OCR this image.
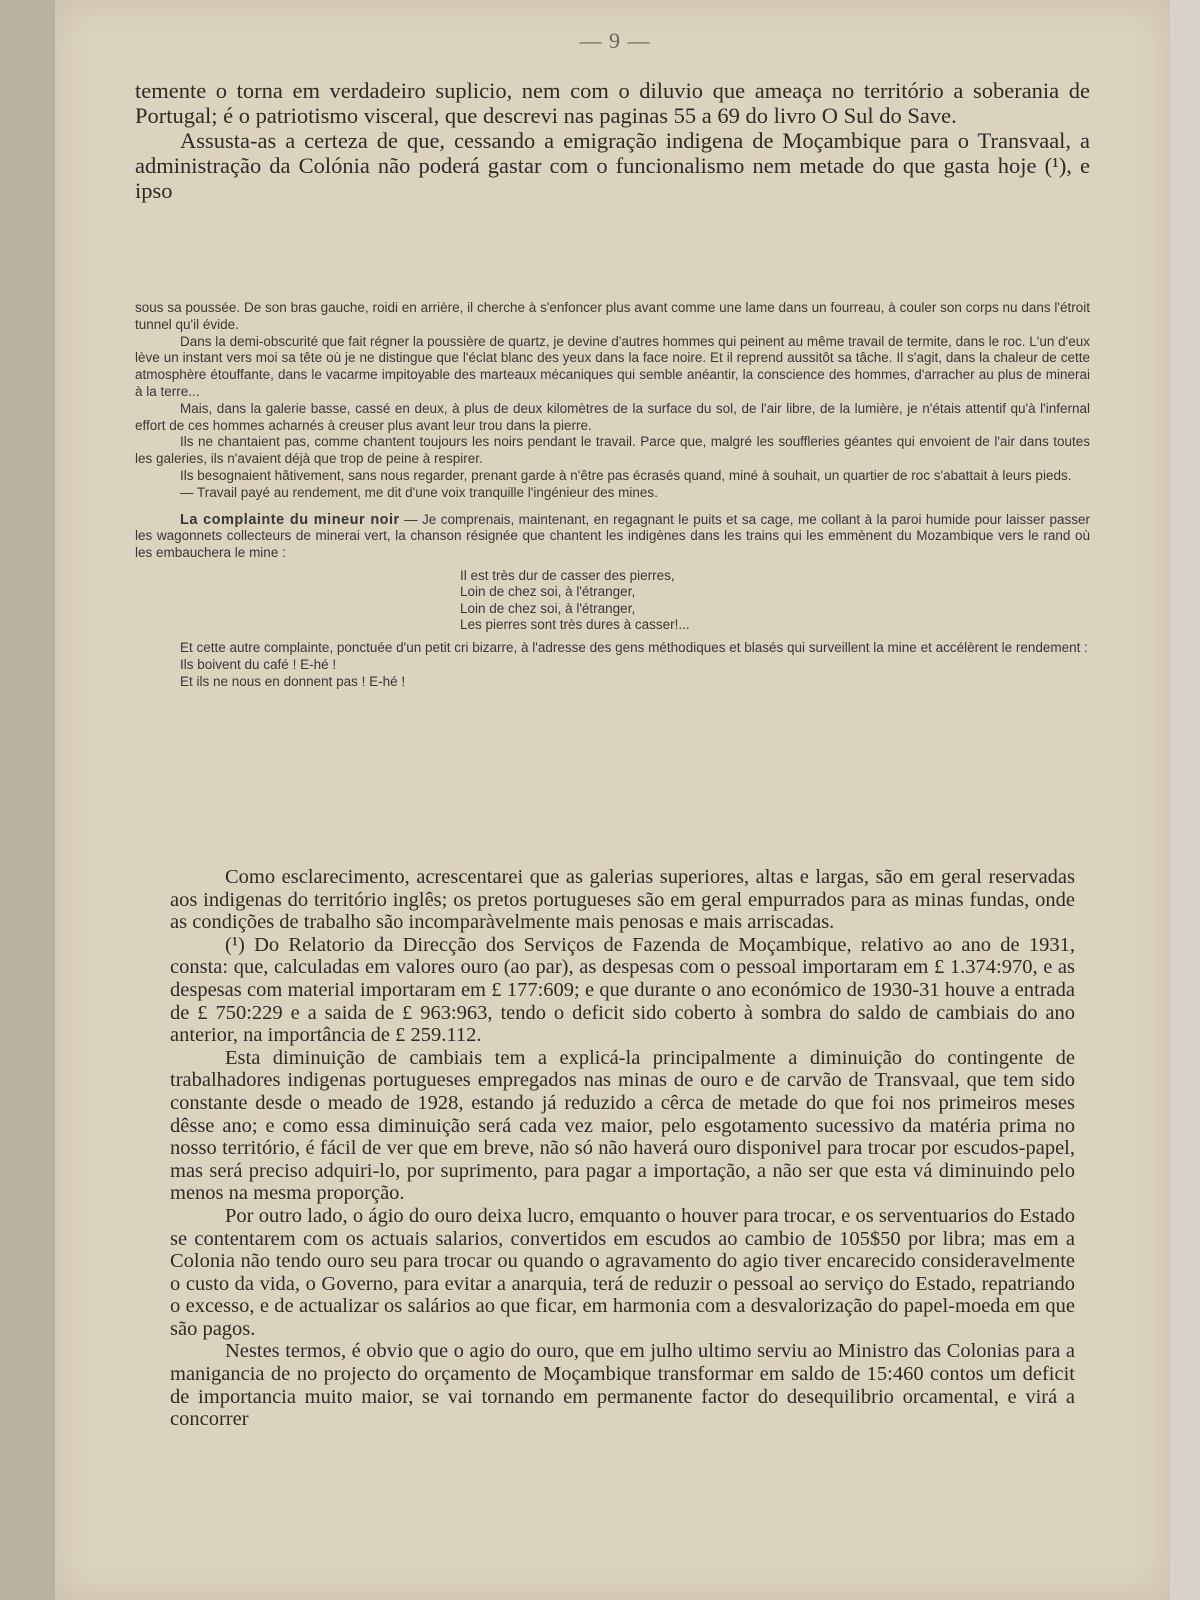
— 9 —

temente o torna em verdadeiro suplicio, nem com o diluvio que ameaça no território a soberania de Portugal; é o patriotismo visceral, que descrevi nas paginas 55 a 69 do livro O Sul do Save.

Assusta-as a certeza de que, cessando a emigração indigena de Moçambique para o Transvaal, a administração da Colónia não poderá gastar com o funcionalismo nem metade do que gasta hoje (¹), e ipso

sous sa poussée. De son bras gauche, roidi en arrière, il cherche à s'enfoncer plus avant comme une lame dans un fourreau, à couler son corps nu dans l'étroit tunnel qu'il évide.

Dans la demi-obscurité que fait régner la poussière de quartz, je devine d'autres hommes qui peinent au même travail de termite, dans le roc. L'un d'eux lève un instant vers moi sa tête où je ne distingue que l'éclat blanc des yeux dans la face noire. Et il reprend aussitôt sa tâche. Il s'agit, dans la chaleur de cette atmosphère étouffante, dans le vacarme impitoyable des marteaux mécaniques qui semble anéantir, la conscience des hommes, d'arracher au plus de minerai à la terre...

Mais, dans la galerie basse, cassé en deux, à plus de deux kilomètres de la surface du sol, de l'air libre, de la lumière, je n'étais attentif qu'à l'infernal effort de ces hommes acharnés à creuser plus avant leur trou dans la pierre.

Ils ne chantaient pas, comme chantent toujours les noirs pendant le travail. Parce que, malgré les souffleries géantes qui envoient de l'air dans toutes les galeries, ils n'avaient déjà que trop de peine à respirer.

Ils besognaient hâtivement, sans nous regarder, prenant garde à n'être pas écrasés quand, miné à souhait, un quartier de roc s'abattait à leurs pieds.

— Travail payé au rendement, me dit d'une voix tranquille l'ingénieur des mines.

La complainte du mineur noir — Je comprenais, maintenant, en regagnant le puits et sa cage, me collant à la paroi humide pour laisser passer les wagonnets collecteurs de minerai vert, la chanson résignée que chantent les indigènes dans les trains qui les emmènent du Mozambique vers le rand où les embauchera le mine :

Il est très dur de casser des pierres,
Loin de chez soi, à l'étranger,
Loin de chez soi, à l'étranger,
Les pierres sont très dures à casser!...

Et cette autre complainte, ponctuée d'un petit cri bizarre, à l'adresse des gens méthodiques et blasés qui surveillent la mine et accélèrent le rendement :

Ils boivent du café ! E-hé !

Et ils ne nous en donnent pas ! E-hé !

Como esclarecimento, acrescentarei que as galerias superiores, altas e largas, são em geral reservadas aos indigenas do território inglês; os pretos portugueses são em geral empurrados para as minas fundas, onde as condições de trabalho são incomparàvelmente mais penosas e mais arriscadas.

(¹) Do Relatorio da Direcção dos Serviços de Fazenda de Moçambique, relativo ao ano de 1931, consta: que, calculadas em valores ouro (ao par), as despesas com o pessoal importaram em £ 1.374:970, e as despesas com material importaram em £ 177:609; e que durante o ano económico de 1930-31 houve a entrada de £ 750:229 e a saida de £ 963:963, tendo o deficit sido coberto à sombra do saldo de cambiais do ano anterior, na importância de £ 259.112.

Esta diminuição de cambiais tem a explicá-la principalmente a diminuição do contingente de trabalhadores indigenas portugueses empregados nas minas de ouro e de carvão de Transvaal, que tem sido constante desde o meado de 1928, estando já reduzido a cêrca de metade do que foi nos primeiros meses dêsse ano; e como essa diminuição será cada vez maior, pelo esgotamento sucessivo da matéria prima no nosso território, é fácil de ver que em breve, não só não haverá ouro disponivel para trocar por escudos-papel, mas será preciso adquiri-lo, por suprimento, para pagar a importação, a não ser que esta vá diminuindo pelo menos na mesma proporção.

Por outro lado, o ágio do ouro deixa lucro, emquanto o houver para trocar, e os serventuarios do Estado se contentarem com os actuais salarios, convertidos em escudos ao cambio de 105$50 por libra; mas em a Colonia não tendo ouro seu para trocar ou quando o agravamento do agio tiver encarecido consideravelmente o custo da vida, o Governo, para evitar a anarquia, terá de reduzir o pessoal ao serviço do Estado, repatriando o excesso, e de actualizar os salários ao que ficar, em harmonia com a desvalorização do papel-moeda em que são pagos.

Nestes termos, é obvio que o agio do ouro, que em julho ultimo serviu ao Ministro das Colonias para a manigancia de no projecto do orçamento de Moçambique transformar em saldo de 15:460 contos um deficit de importancia muito maior, se vai tornando em permanente factor do desequilibrio orcamental, e virá a concorrer
